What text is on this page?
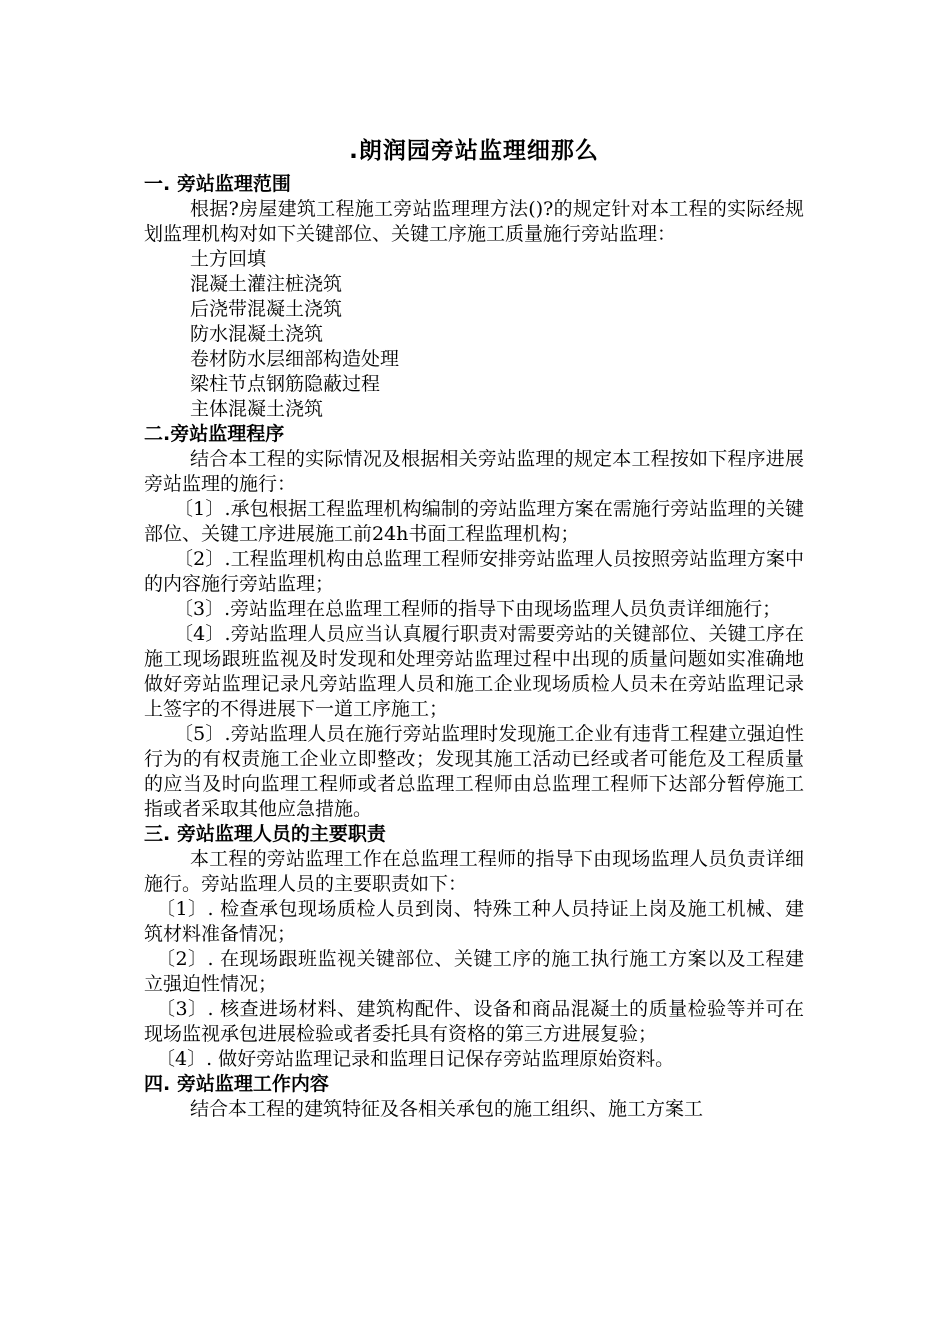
.朗润园旁站监理细那么
一. 旁站监理范围

根据?房屋建筑工程施工旁站监理理方法()?的规定针对本工程的实际经规划监理机构对如下关键部位、关键工序施工质量施行旁站监理：

土方回填
混凝土灌注桩浇筑
后浇带混凝土浇筑
防水混凝土浇筑
卷材防水层细部构造处理
梁柱节点钢筋隐蔽过程
主体混凝土浇筑
二.旁站监理程序

结合本工程的实际情况及根据相关旁站监理的规定本工程按如下程序进展旁站监理的施行：

〔1〕.承包根据工程监理机构编制的旁站监理方案在需施行旁站监理的关键部位、关键工序进展施工前24h书面工程监理机构；

〔2〕.工程监理机构由总监理工程师安排旁站监理人员按照旁站监理方案中的内容施行旁站监理；

〔3〕.旁站监理在总监理工程师的指导下由现场监理人员负责详细施行；

〔4〕.旁站监理人员应当认真履行职责对需要旁站的关键部位、关键工序在施工现场跟班监视及时发现和处理旁站监理过程中出现的质量问题如实准确地做好旁站监理记录凡旁站监理人员和施工企业现场质检人员未在旁站监理记录上签字的不得进展下一道工序施工；

〔5〕.旁站监理人员在施行旁站监理时发现施工企业有违背工程建立强迫性行为的有权责施工企业立即整改；发现其施工活动已经或者可能危及工程质量的应当及时向监理工程师或者总监理工程师由总监理工程师下达部分暂停施工指或者采取其他应急措施。

三. 旁站监理人员的主要职责

本工程的旁站监理工作在总监理工程师的指导下由现场监理人员负责详细施行。旁站监理人员的主要职责如下：

〔1〕. 检查承包现场质检人员到岗、特殊工种人员持证上岗及施工机械、建筑材料准备情况；

〔2〕. 在现场跟班监视关键部位、关键工序的施工执行施工方案以及工程建立强迫性情况；

〔3〕. 核查进场材料、建筑构配件、设备和商品混凝土的质量检验等并可在现场监视承包进展检验或者委托具有资格的第三方进展复验；

〔4〕. 做好旁站监理记录和监理日记保存旁站监理原始资料。

四. 旁站监理工作内容

结合本工程的建筑特征及各相关承包的施工组织、施工方案工
